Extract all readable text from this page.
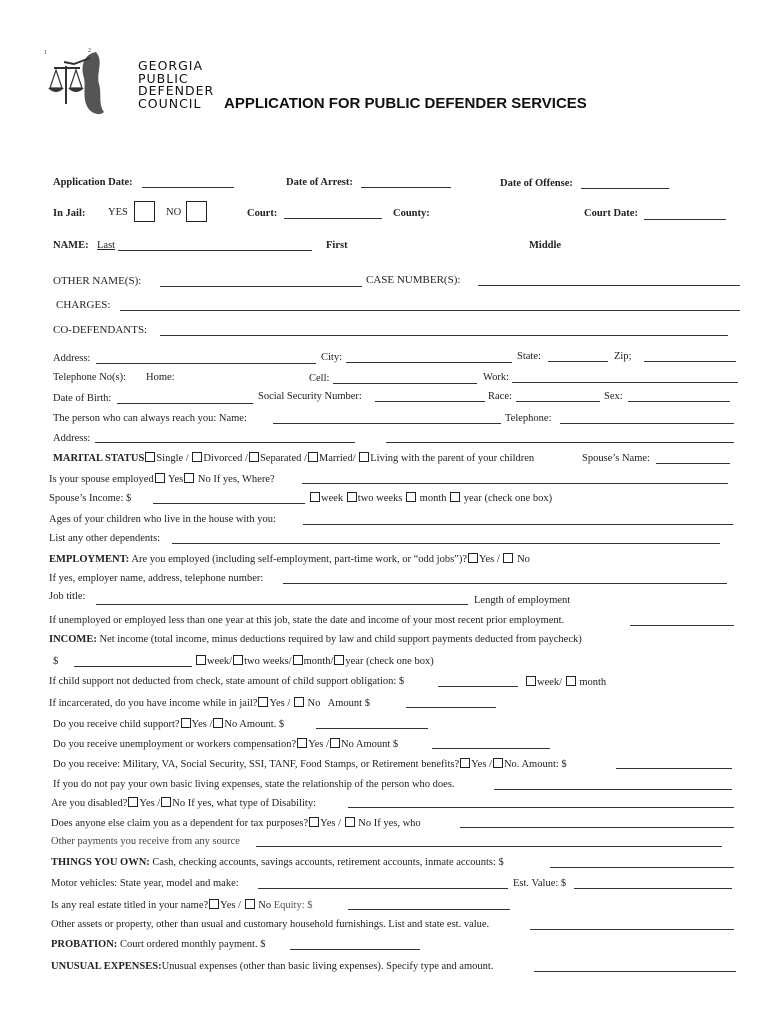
1	2
GEORGIA
PUBLIC
DEFENDER
COUNCIL	APPLICATION FOR PUBLIC DEFENDER SERVICES
Application Date:	Date of Arrest:	Date of Offense:
In Jail: YES	NO	Court:	County:	Court Date:
NAME: Last	First	Middle
OTHER NAME(S):	CASE NUMBER(S):
CHARGES:
CO-DEFENDANTS:
Address:	City:	State:	Zip;
Telephone No(s): Home:	Cell:	Work:
Date of Birth:	Social Security Number:	Race:	Sex:
The person who can always reach you: Name:	Telephone:
Address:
MARITAL STATUS Single / Divorced / Separated / Married/ Living with the parent of your children	Spouse’s Name:
Is your spouse employed Yes No If yes, Where?
Spouse’s Income: $	week two weeks month year (check one box)
Ages of your children who live in the house with you:
List any other dependents:
EMPLOYMENT: Are you employed (including self-employment, part-time work, or “odd jobs”)? Yes / No
If yes, employer name, address, telephone number:
Job title:	Length of employment
If unemployed or employed less than one year at this job, state the date and income of your most recent prior employment.
INCOME: Net income (total income, minus deductions required by law and child support payments deducted from paycheck)
$	week/ two weeks/ month/ year (check one box)
If child support not deducted from check, state amount of child support obligation: $	week/ month
If incarcerated, do you have income while in jail? Yes / No Amount $
Do you receive child support? Yes / No Amount. $
Do you receive unemployment or workers compensation? Yes / No Amount $
Do you receive: Military, VA, Social Security, SSI, TANF, Food Stamps, or Retirement benefits? Yes / No. Amount: $
If you do not pay your own basic living expenses, state the relationship of the person who does.
Are you disabled? Yes / No If yes, what type of Disability:
Does anyone else claim you as a dependent for tax purposes? Yes / No If yes, who
Other payments you receive from any source
THINGS YOU OWN: Cash, checking accounts, savings accounts, retirement accounts, inmate accounts: $
Motor vehicles: State year, model and make:	Est. Value: $
Is any real estate titled in your name? Yes / No Equity: $
Other assets or property, other than usual and customary household furnishings. List and state est. value.
PROBATION: Court ordered monthly payment. $
UNUSUAL EXPENSES:Unusual expenses (other than basic living expenses). Specify type and amount.
